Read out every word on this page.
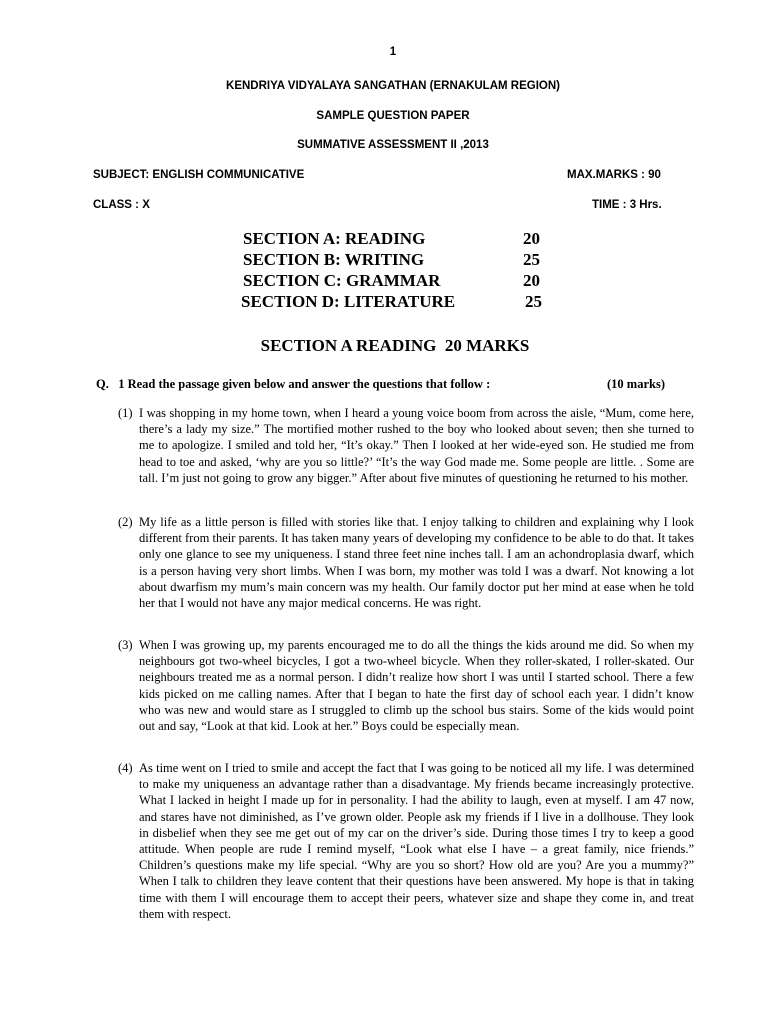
1
KENDRIYA VIDYALAYA SANGATHAN (ERNAKULAM REGION)
SAMPLE QUESTION PAPER
SUMMATIVE ASSESSMENT II ,2013
SUBJECT: ENGLISH COMMUNICATIVE	MAX.MARKS : 90
CLASS : X	TIME : 3 Hrs.
SECTION A: READING	20
SECTION B: WRITING	25
SECTION C: GRAMMAR	20
SECTION D: LITERATURE	25
SECTION A READING  20 MARKS
Q.   1 Read the passage given below and answer the questions that follow :	(10 marks)
(1) I was shopping in my home town, when I heard a young voice boom from across the aisle, “Mum, come here, there’s a lady my size.” The mortified mother rushed to the boy who looked about seven; then she turned to me to apologize. I smiled and told her, “It’s okay.” Then I looked at her wide-eyed son. He studied me from head to toe and asked, ‘why are you so little?’ “It’s the way God made me. Some people are little. . Some are tall. I’m just not going to grow any bigger.” After about five minutes of questioning he returned to his mother.
(2) My life as a little person is filled with stories like that. I enjoy talking to children and explaining why I look different from their parents. It has taken many years of developing my confidence to be able to do that. It takes only one glance to see my uniqueness. I stand three feet nine inches tall. I am an achondroplasia dwarf, which is a person having very short limbs. When I was born, my mother was told I was a dwarf. Not knowing a lot about dwarfism my mum’s main concern was my health. Our family doctor put her mind at ease when he told her that I would not have any major medical concerns. He was right.
(3) When I was growing up, my parents encouraged me to do all the things the kids around me did. So when my neighbours got two-wheel bicycles, I got a two-wheel bicycle. When they roller-skated, I roller-skated. Our neighbours treated me as a normal person. I didn’t realize how short I was until I started school. There a few kids picked on me calling names. After that I began to hate the first day of school each year. I didn’t know who was new and would stare as I struggled to climb up the school bus stairs. Some of the kids would point out and say, “Look at that kid. Look at her.” Boys could be especially mean.
(4) As time went on I tried to smile and accept the fact that I was going to be noticed all my life. I was determined to make my uniqueness an advantage rather than a disadvantage. My friends became increasingly protective. What I lacked in height I made up for in personality. I had the ability to laugh, even at myself. I am 47 now, and stares have not diminished, as I’ve grown older. People ask my friends if I live in a dollhouse. They look in disbelief when they see me get out of my car on the driver’s side. During those times I try to keep a good attitude. When people are rude I remind myself, “Look what else I have – a great family, nice friends.” Children’s questions make my life special. “Why are you so short? How old are you? Are you a mummy?” When I talk to children they leave content that their questions have been answered. My hope is that in taking time with them I will encourage them to accept their peers, whatever size and shape they come in, and treat them with respect.
